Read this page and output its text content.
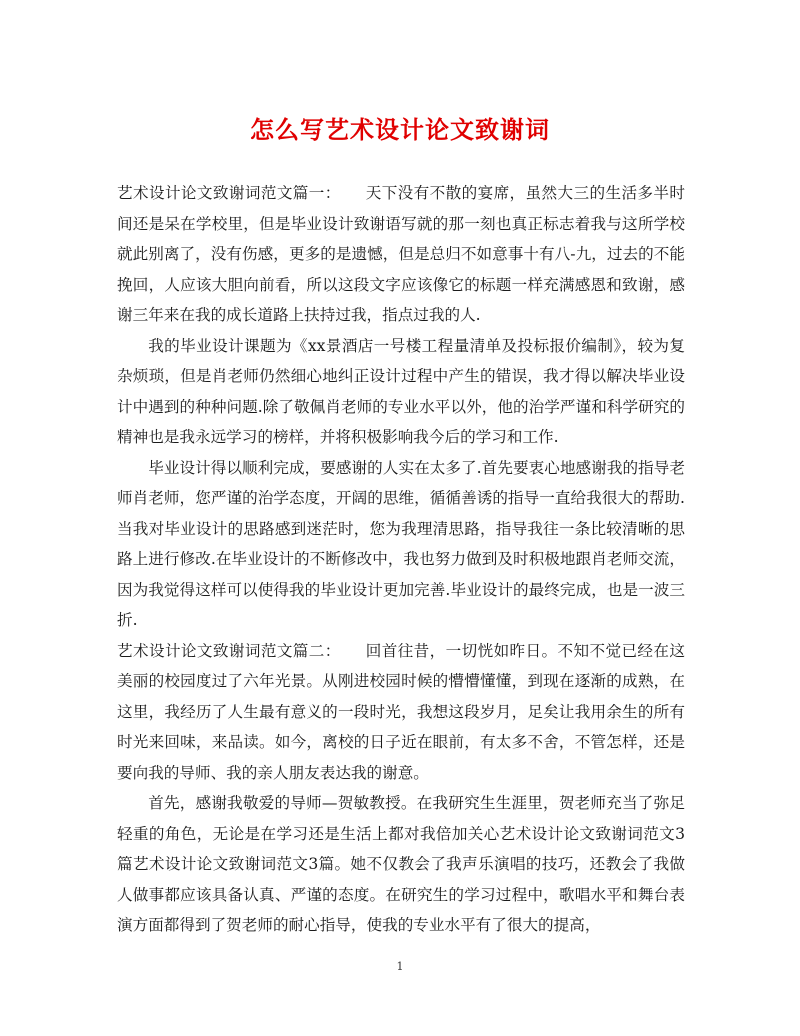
怎么写艺术设计论文致谢词

艺术设计论文致谢词范文篇一： 天下没有不散的宴席，虽然大三的生活多半时间还是呆在学校里，但是毕业设计致谢语写就的那一刻也真正标志着我与这所学校就此别离了，没有伤感，更多的是遗憾，但是总归不如意事十有八-九，过去的不能挽回，人应该大胆向前看，所以这段文字应该像它的标题一样充满感恩和致谢，感谢三年来在我的成长道路上扶持过我，指点过我的人.

我的毕业设计课题为《xx景酒店一号楼工程量清单及投标报价编制》，较为复杂烦琐，但是肖老师仍然细心地纠正设计过程中产生的错误，我才得以解决毕业设计中遇到的种种问题.除了敬佩肖老师的专业水平以外，他的治学严谨和科学研究的精神也是我永远学习的榜样，并将积极影响我今后的学习和工作.

毕业设计得以顺利完成，要感谢的人实在太多了.首先要衷心地感谢我的指导老师肖老师，您严谨的治学态度，开阔的思维，循循善诱的指导一直给我很大的帮助.当我对毕业设计的思路感到迷茫时，您为我理清思路，指导我往一条比较清晰的思路上进行修改.在毕业设计的不断修改中，我也努力做到及时积极地跟肖老师交流，因为我觉得这样可以使得我的毕业设计更加完善.毕业设计的最终完成，也是一波三折.

艺术设计论文致谢词范文篇二： 回首往昔，一切恍如昨日。不知不觉已经在这美丽的校园度过了六年光景。从刚进校园时候的懵懵懂懂，到现在逐渐的成熟，在这里，我经历了人生最有意义的一段时光，我想这段岁月，足矣让我用余生的所有时光来回味，来品读。如今，离校的日子近在眼前，有太多不舍，不管怎样，还是要向我的导师、我的亲人朋友表达我的谢意。

首先，感谢我敬爱的导师—贺敏教授。在我研究生生涯里，贺老师充当了弥足轻重的角色，无论是在学习还是生活上都对我倍加关心艺术设计论文致谢词范文3篇艺术设计论文致谢词范文3篇。她不仅教会了我声乐演唱的技巧，还教会了我做人做事都应该具备认真、严谨的态度。在研究生的学习过程中，歌唱水平和舞台表演方面都得到了贺老师的耐心指导，使我的专业水平有了很大的提高，

1
